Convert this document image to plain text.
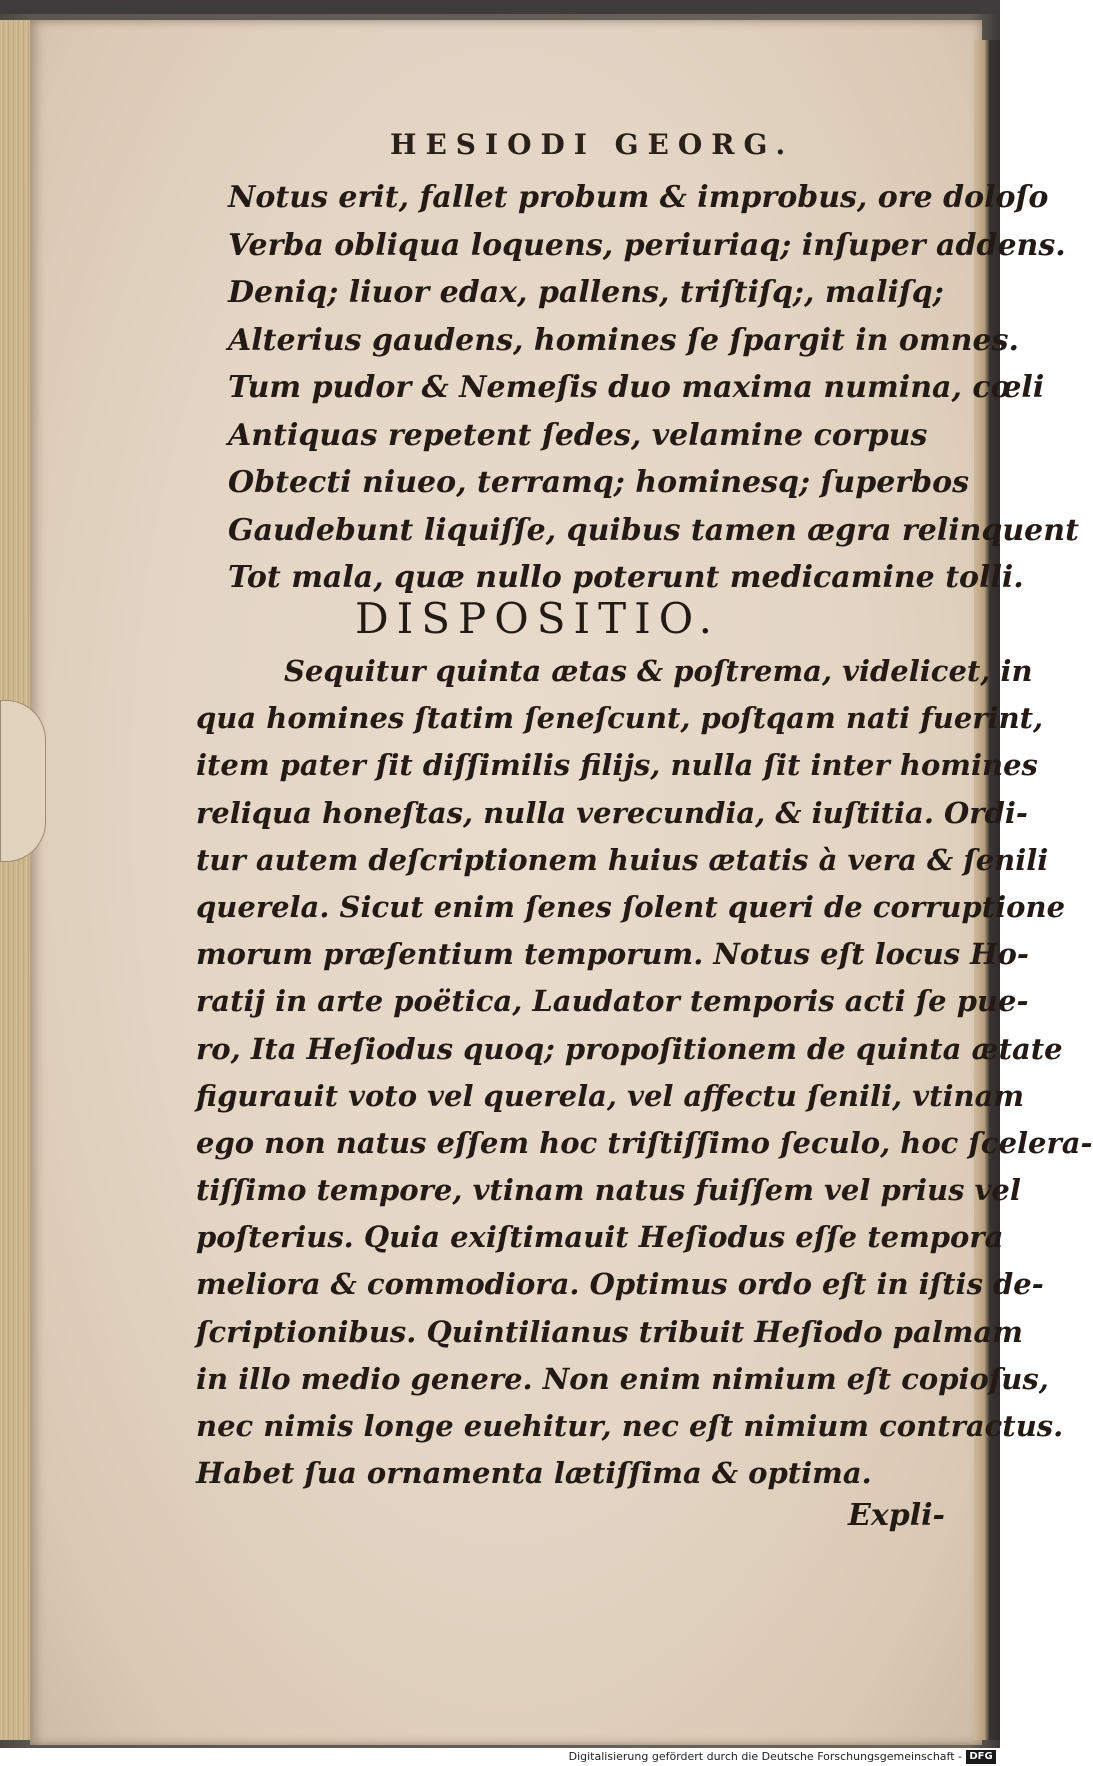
HESIODI GEORG.
Notus erit, fallet probum & improbus, ore doloſo
Verba obliqua loquens, periuriaq; inſuper addens.
Deniq; liuor edax, pallens, triſtiſq;, maliſq;
Alterius gaudens, homines ſe ſpargit in omnes.
Tum pudor & Nemeſis duo maxima numina, cœli
Antiquas repetent ſedes, velamine corpus
Obtecti niueo, terramq; hominesq; ſuperbos
Gaudebunt liquiſſe, quibus tamen ægra relinquent
Tot mala, quæ nullo poterunt medicamine tolli.
DISPOSITIO.
Sequitur quinta ætas & poſtrema, videlicet, in
qua homines ſtatim ſeneſcunt, poſtqam nati fuerint,
item pater ſit diſſimilis filijs, nulla ſit inter homines
reliqua honeſtas, nulla verecundia, & iuſtitia. Ordi-
tur autem deſcriptionem huius ætatis à vera & ſenili
querela. Sicut enim ſenes ſolent queri de corruptione
morum præſentium temporum. Notus eſt locus Ho-
ratij in arte poëtica, Laudator temporis acti ſe pue-
ro, Ita Heſiodus quoq; propoſitionem de quinta ætate
figurauit voto vel querela, vel affectu ſenili, vtinam
ego non natus eſſem hoc triſtiſſimo ſeculo, hoc ſcelera-
tiſſimo tempore, vtinam natus fuiſſem vel prius vel
poſterius. Quia exiſtimauit Heſiodus eſſe tempora
meliora & commodiora. Optimus ordo eſt in iſtis de-
ſcriptionibus. Quintilianus tribuit Heſiodo palmam
in illo medio genere. Non enim nimium eſt copioſus,
nec nimis longe euehitur, nec eſt nimium contractus.
Habet ſua ornamenta lætiſſima & optima.
Expli-
Digitalisierung gefördert durch die Deutsche Forschungsgemeinschaft - DFG
